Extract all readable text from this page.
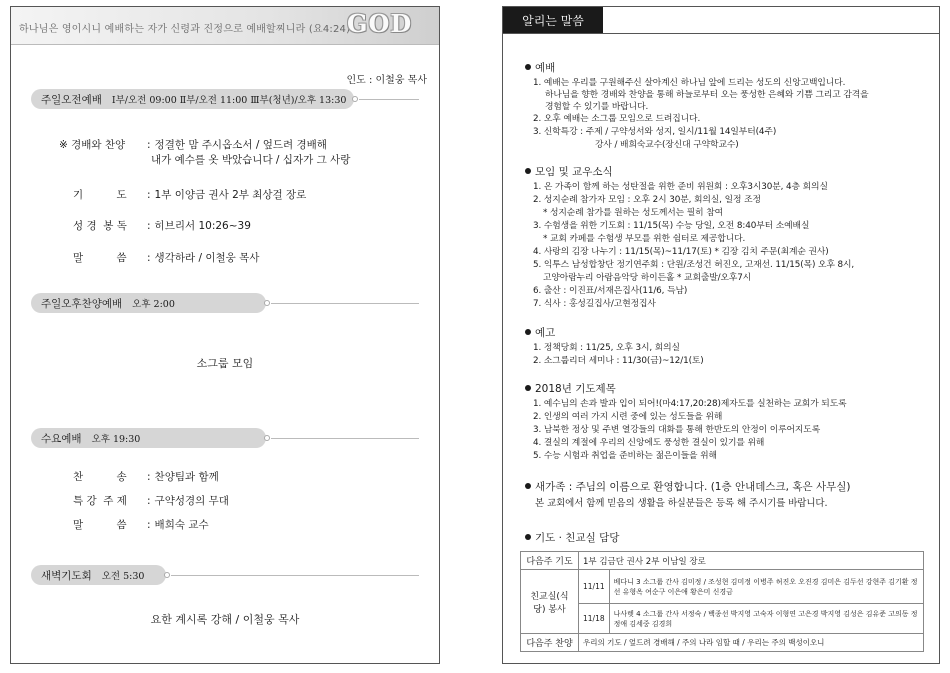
하나님은 영이시니 예배하는 자가 신령과 진정으로 예배할찌니라 (요4:24)
GOD
인도 : 이철웅 목사
주일오전예배 Ⅰ부/오전 09:00 Ⅱ부/오전 11:00 Ⅲ부(청년)/오후 13:30
※ 경배와 찬양 : 정결한 맘 주시옵소서 / 엎드려 경배해
내가 예수를 옷 박았습니다 / 십자가 그 사랑
기          도 : 1부 이양금 권사 2부 최상걸 장로
성 경  봉 독 : 히브리서 10:26~39
말          씀 : 생각하라 / 이철웅 목사
주일오후찬양예배 오후 2:00
소그룹 모임
수요예배 오후 19:30
찬          송 : 찬양팀과 함께
특 강  주 제 : 구약성경의 무대
말          씀 : 배희숙 교수
새벽기도회 오전 5:30
요한 계시록 강해 / 이철웅 목사
알리는 말씀
예배
1. 예배는 우리를 구원해주신 살아계신 하나님 앞에 드리는 성도의 신앙고백입니다.
하나님을 향한 경배와 찬양을 통해 하늘로부터 오는 풍성한 은혜와 기쁨 그리고 감격을
경험할 수 있기를 바랍니다.
2. 오후 예배는 소그룹 모임으로 드려집니다.
3. 신학특강 : 주제 / 구약성서와 성지, 일시/11월 14일부터(4주)
강사 / 배희숙교수(장신대 구약학교수)
모임 및 교우소식
1. 온 가족이 함께 하는 성탄절을 위한 준비 위원회 : 오후3시30분, 4층 회의실
2. 성지순례 참가자 모임 : 오후 2시 30분, 회의실, 일정 조정
* 성지순례 참가를 원하는 성도께서는 필히 참여
3. 수험생을 위한 기도회 : 11/15(목) 수능 당일, 오전 8:40부터 소예배실
* 교회 카페를 수험생 부모를 위한 쉼터로 제공합니다.
4. 사랑의 김장 나누기 : 11/15(목)~11/17(토) * 김장 김치 주문(최계순 권사)
5. 익투스 남성합창단 정기연주회 : 단원/조성건 허진오, 고재선. 11/15(목) 오후 8시,
고양아람누리 아람음악당 하이든홀 * 교회출발/오후7시
6. 출산 : 이진표/서재은집사(11/6, 득남)
7. 식사 : 홍성길집사/고현정집사
예고
1. 정책당회 : 11/25, 오후 3시, 회의실
2. 소그룹리더 세미나 : 11/30(금)~12/1(토)
2018년 기도제목
1. 예수님의 손과 발과 입이 되어!(마4:17,20:28)제자도를 실천하는 교회가 되도록
2. 인생의 여러 가지 시련 중에 있는 성도들을 위해
3. 남북한 정상 및 주변 열강들의 대화를 통해 한반도의 안정이 이루어지도록
4. 결실의 계절에 우리의 신앙에도 풍성한 결실이 있기를 위해
5. 수능 시험과 취업을 준비하는 젊은이들을 위해
새가족 : 주님의 이름으로 환영합니다. (1층 안내데스크, 혹은 사무실)
본 교회에서 함께 믿음의 생활을 하실분들은 등록 해 주시기를 바랍니다.
기도 · 친교실 담당
다음주 기도	1부 김금단 권사 2부 이남일 장로	
친교실(식당) 봉사	11/11	베다니 3 소그룹 간사 김미정 / 조성현 김미정 이병주 허진오 오진경 김미은 김두선 강현주 김기환 정선 유형옥 여순구 이은애 황은미 신경금
	11/18	나사렛 4 소그룹 간사 서정숙 / 백종선 박지영 고숙자 이형연 고은경 박지영 김성은 김유준 고의동 정정애 김세중 김경희
다음주 찬양	우리의 기도 / 엎드려 경배해 / 주의 나라 임할 때 / 우리는 주의 백성이오니	
